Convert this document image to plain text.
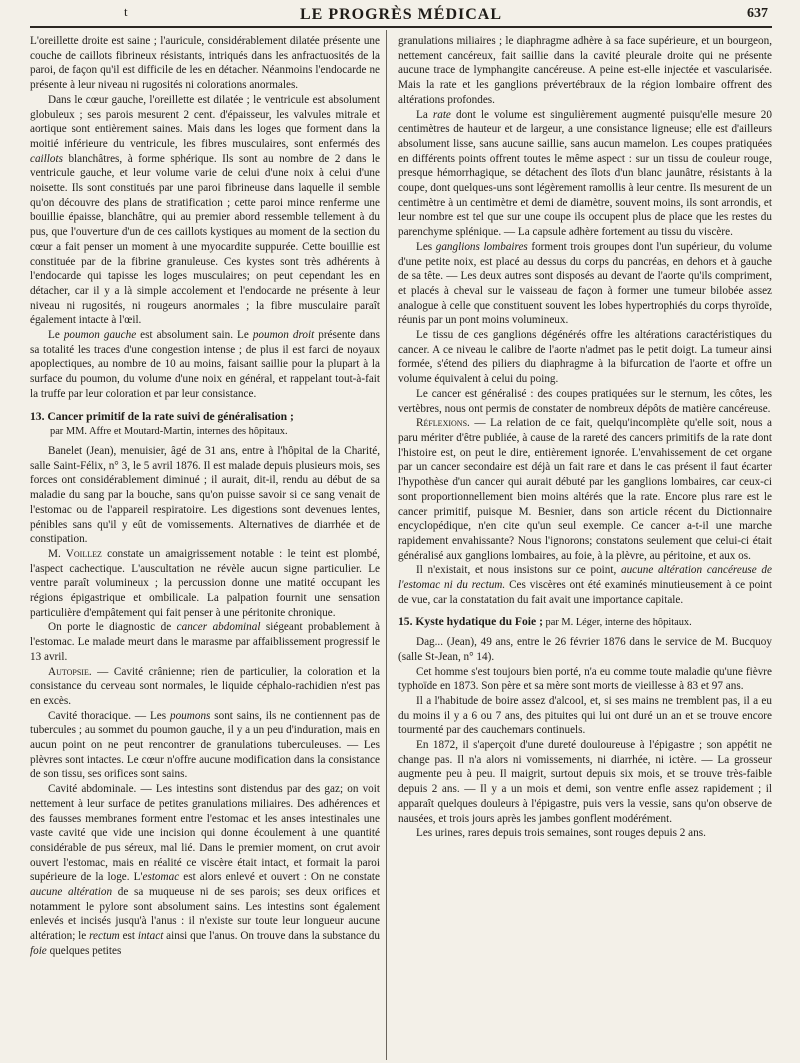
t	LE PROGRÈS MÉDICAL	637

L'oreillette droite est saine ; l'auricule, considérablement dilatée présente une couche de caillots fibrineux résistants, intriqués dans les anfractuosités de la paroi, de façon qu'il est difficile de les en détacher. Néanmoins l'endocarde ne présente à leur niveau ni rugosités ni colorations anormales.

Dans le cœur gauche, l'oreillette est dilatée ; le ventricule est absolument globuleux ; ses parois mesurent 2 cent. d'épaisseur, les valvules mitrale et aortique sont entièrement saines. Mais dans les loges que forment dans la moitié inférieure du ventricule, les fibres musculaires, sont enfermés des caillots blanchâtres, à forme sphérique. Ils sont au nombre de 2 dans le ventricule gauche, et leur volume varie de celui d'une noix à celui d'une noisette. Ils sont constitués par une paroi fibrineuse dans laquelle il semble qu'on découvre des plans de stratification ; cette paroi mince renferme une bouillie épaisse, blanchâtre, qui au premier abord ressemble tellement à du pus, que l'ouverture d'un de ces caillots kystiques au moment de la section du cœur a fait penser un moment à une myocardite suppurée. Cette bouillie est constituée par de la fibrine granuleuse. Ces kystes sont très adhérents à l'endocarde qui tapisse les loges musculaires; on peut cependant les en détacher, car il y a là simple accolement et l'endocarde ne présente à leur niveau ni rugosités, ni rougeurs anormales ; la fibre musculaire paraît également intacte à l'œil.

Le poumon gauche est absolument sain. Le poumon droit présente dans sa totalité les traces d'une congestion intense ; de plus il est farci de noyaux apoplectiques, au nombre de 10 au moins, faisant saillie pour la plupart à la surface du poumon, du volume d'une noix en général, et rappelant tout-à-fait la truffe par leur coloration et par leur consistance.

13. Cancer primitif de la rate suivi de généralisation ;
par MM. Affre et Moutard-Martin, internes des hôpitaux.

Banelet (Jean), menuisier, âgé de 31 ans, entre à l'hôpital de la Charité, salle Saint-Félix, n° 3, le 5 avril 1876. Il est malade depuis plusieurs mois, ses forces ont considérablement diminué ; il aurait, dit-il, rendu au début de sa maladie du sang par la bouche, sans qu'on puisse savoir si ce sang venait de l'estomac ou de l'appareil respiratoire. Les digestions sont devenues lentes, pénibles sans qu'il y eût de vomissements. Alternatives de diarrhée et de constipation.

M. Voillez constate un amaigrissement notable : le teint est plombé, l'aspect cachectique. L'auscultation ne révèle aucun signe particulier. Le ventre paraît volumineux ; la percussion donne une matité occupant les régions épigastrique et ombilicale. La palpation fournit une sensation particulière d'empâtement qui fait penser à une péritonite chronique.

On porte le diagnostic de cancer abdominal siégeant probablement à l'estomac. Le malade meurt dans le marasme par affaiblissement progressif le 13 avril.

Autopsie. — Cavité crânienne; rien de particulier, la coloration et la consistance du cerveau sont normales, le liquide céphalo-rachidien n'est pas en excès.

Cavité thoracique. — Les poumons sont sains, ils ne contiennent pas de tubercules ; au sommet du poumon gauche, il y a un peu d'induration, mais en aucun point on ne peut rencontrer de granulations tuberculeuses. — Les plèvres sont intactes. Le cœur n'offre aucune modification dans la consistance de son tissu, ses orifices sont sains.

Cavité abdominale. — Les intestins sont distendus par des gaz; on voit nettement à leur surface de petites granulations miliaires. Des adhérences et des fausses membranes forment entre l'estomac et les anses intestinales une vaste cavité que vide une incision qui donne écoulement à une quantité considérable de pus séreux, mal lié. Dans le premier moment, on crut avoir ouvert l'estomac, mais en réalité ce viscère était intact, et formait la paroi supérieure de la loge. L'estomac est alors enlevé et ouvert : On ne constate aucune altération de sa muqueuse ni de ses parois; ses deux orifices et notamment le pylore sont absolument sains. Les intestins sont également enlevés et incisés jusqu'à l'anus : il n'existe sur toute leur longueur aucune altération; le rectum est intact ainsi que l'anus. On trouve dans la substance du foie quelques petites

granulations miliaires ; le diaphragme adhère à sa face supérieure, et un bourgeon, nettement cancéreux, fait saillie dans la cavité pleurale droite qui ne présente aucune trace de lymphangite cancéreuse. A peine est-elle injectée et vascularisée. Mais la rate et les ganglions prévertébraux de la région lombaire offrent des altérations profondes.

La rate dont le volume est singulièrement augmenté puisqu'elle mesure 20 centimètres de hauteur et de largeur, a une consistance ligneuse; elle est d'ailleurs absolument lisse, sans aucune saillie, sans aucun mamelon. Les coupes pratiquées en différents points offrent toutes le même aspect : sur un tissu de couleur rouge, presque hémorrhagique, se détachent des îlots d'un blanc jaunâtre, résistants à la coupe, dont quelques-uns sont légèrement ramollis à leur centre. Ils mesurent de un centimètre à un centimètre et demi de diamètre, souvent moins, ils sont arrondis, et leur nombre est tel que sur une coupe ils occupent plus de place que les restes du parenchyme splénique. — La capsule adhère fortement au tissu du viscère.

Les ganglions lombaires forment trois groupes dont l'un supérieur, du volume d'une petite noix, est placé au dessus du corps du pancréas, en dehors et à gauche de sa tête. — Les deux autres sont disposés au devant de l'aorte qu'ils compriment, et placés à cheval sur le vaisseau de façon à former une tumeur bilobée assez analogue à celle que constituent souvent les lobes hypertrophiés du corps thyroïde, réunis par un pont moins volumineux.

Le tissu de ces ganglions dégénérés offre les altérations caractéristiques du cancer. A ce niveau le calibre de l'aorte n'admet pas le petit doigt. La tumeur ainsi formée, s'étend des piliers du diaphragme à la bifurcation de l'aorte et offre un volume équivalent à celui du poing.

Le cancer est généralisé : des coupes pratiquées sur le sternum, les côtes, les vertèbres, nous ont permis de constater de nombreux dépôts de matière cancéreuse.

Réflexions. — La relation de ce fait, quelqu'incomplète qu'elle soit, nous a paru mériter d'être publiée, à cause de la rareté des cancers primitifs de la rate dont l'histoire est, on peut le dire, entièrement ignorée. L'envahissement de cet organe par un cancer secondaire est déjà un fait rare et dans le cas présent il faut écarter l'hypothèse d'un cancer qui aurait débuté par les ganglions lombaires, car ceux-ci sont proportionnellement bien moins altérés que la rate. Encore plus rare est le cancer primitif, puisque M. Besnier, dans son article récent du Dictionnaire encyclopédique, n'en cite qu'un seul exemple. Ce cancer a-t-il une marche rapidement envahissante? Nous l'ignorons; constatons seulement que celui-ci était généralisé aux ganglions lombaires, au foie, à la plèvre, au péritoine, et aux os.

Il n'existait, et nous insistons sur ce point, aucune altération cancéreuse de l'estomac ni du rectum. Ces viscères ont été examinés minutieusement à ce point de vue, car la constatation du fait avait une importance capitale.

15. Kyste hydatique du Foie ; par M. Léger, interne des hôpitaux.

Dag... (Jean), 49 ans, entre le 26 février 1876 dans le service de M. Bucquoy (salle St-Jean, n° 14).

Cet homme s'est toujours bien porté, n'a eu comme toute maladie qu'une fièvre typhoïde en 1873. Son père et sa mère sont morts de vieillesse à 83 et 97 ans.

Il a l'habitude de boire assez d'alcool, et, si ses mains ne tremblent pas, il a eu du moins il y a 6 ou 7 ans, des pituites qui lui ont duré un an et se trouve encore tourmenté par des cauchemars continuels.

En 1872, il s'aperçoit d'une dureté douloureuse à l'épigastre ; son appétit ne change pas. Il n'a alors ni vomissements, ni diarrhée, ni ictère. — La grosseur augmente peu à peu. Il maigrit, surtout depuis six mois, et se trouve très-faible depuis 2 ans. — Il y a un mois et demi, son ventre enfle assez rapidement ; il apparaît quelques douleurs à l'épigastre, puis vers la vessie, sans qu'on observe de nausées, et trois jours après les jambes gonflent modérément.

Les urines, rares depuis trois semaines, sont rouges depuis 2 ans.
